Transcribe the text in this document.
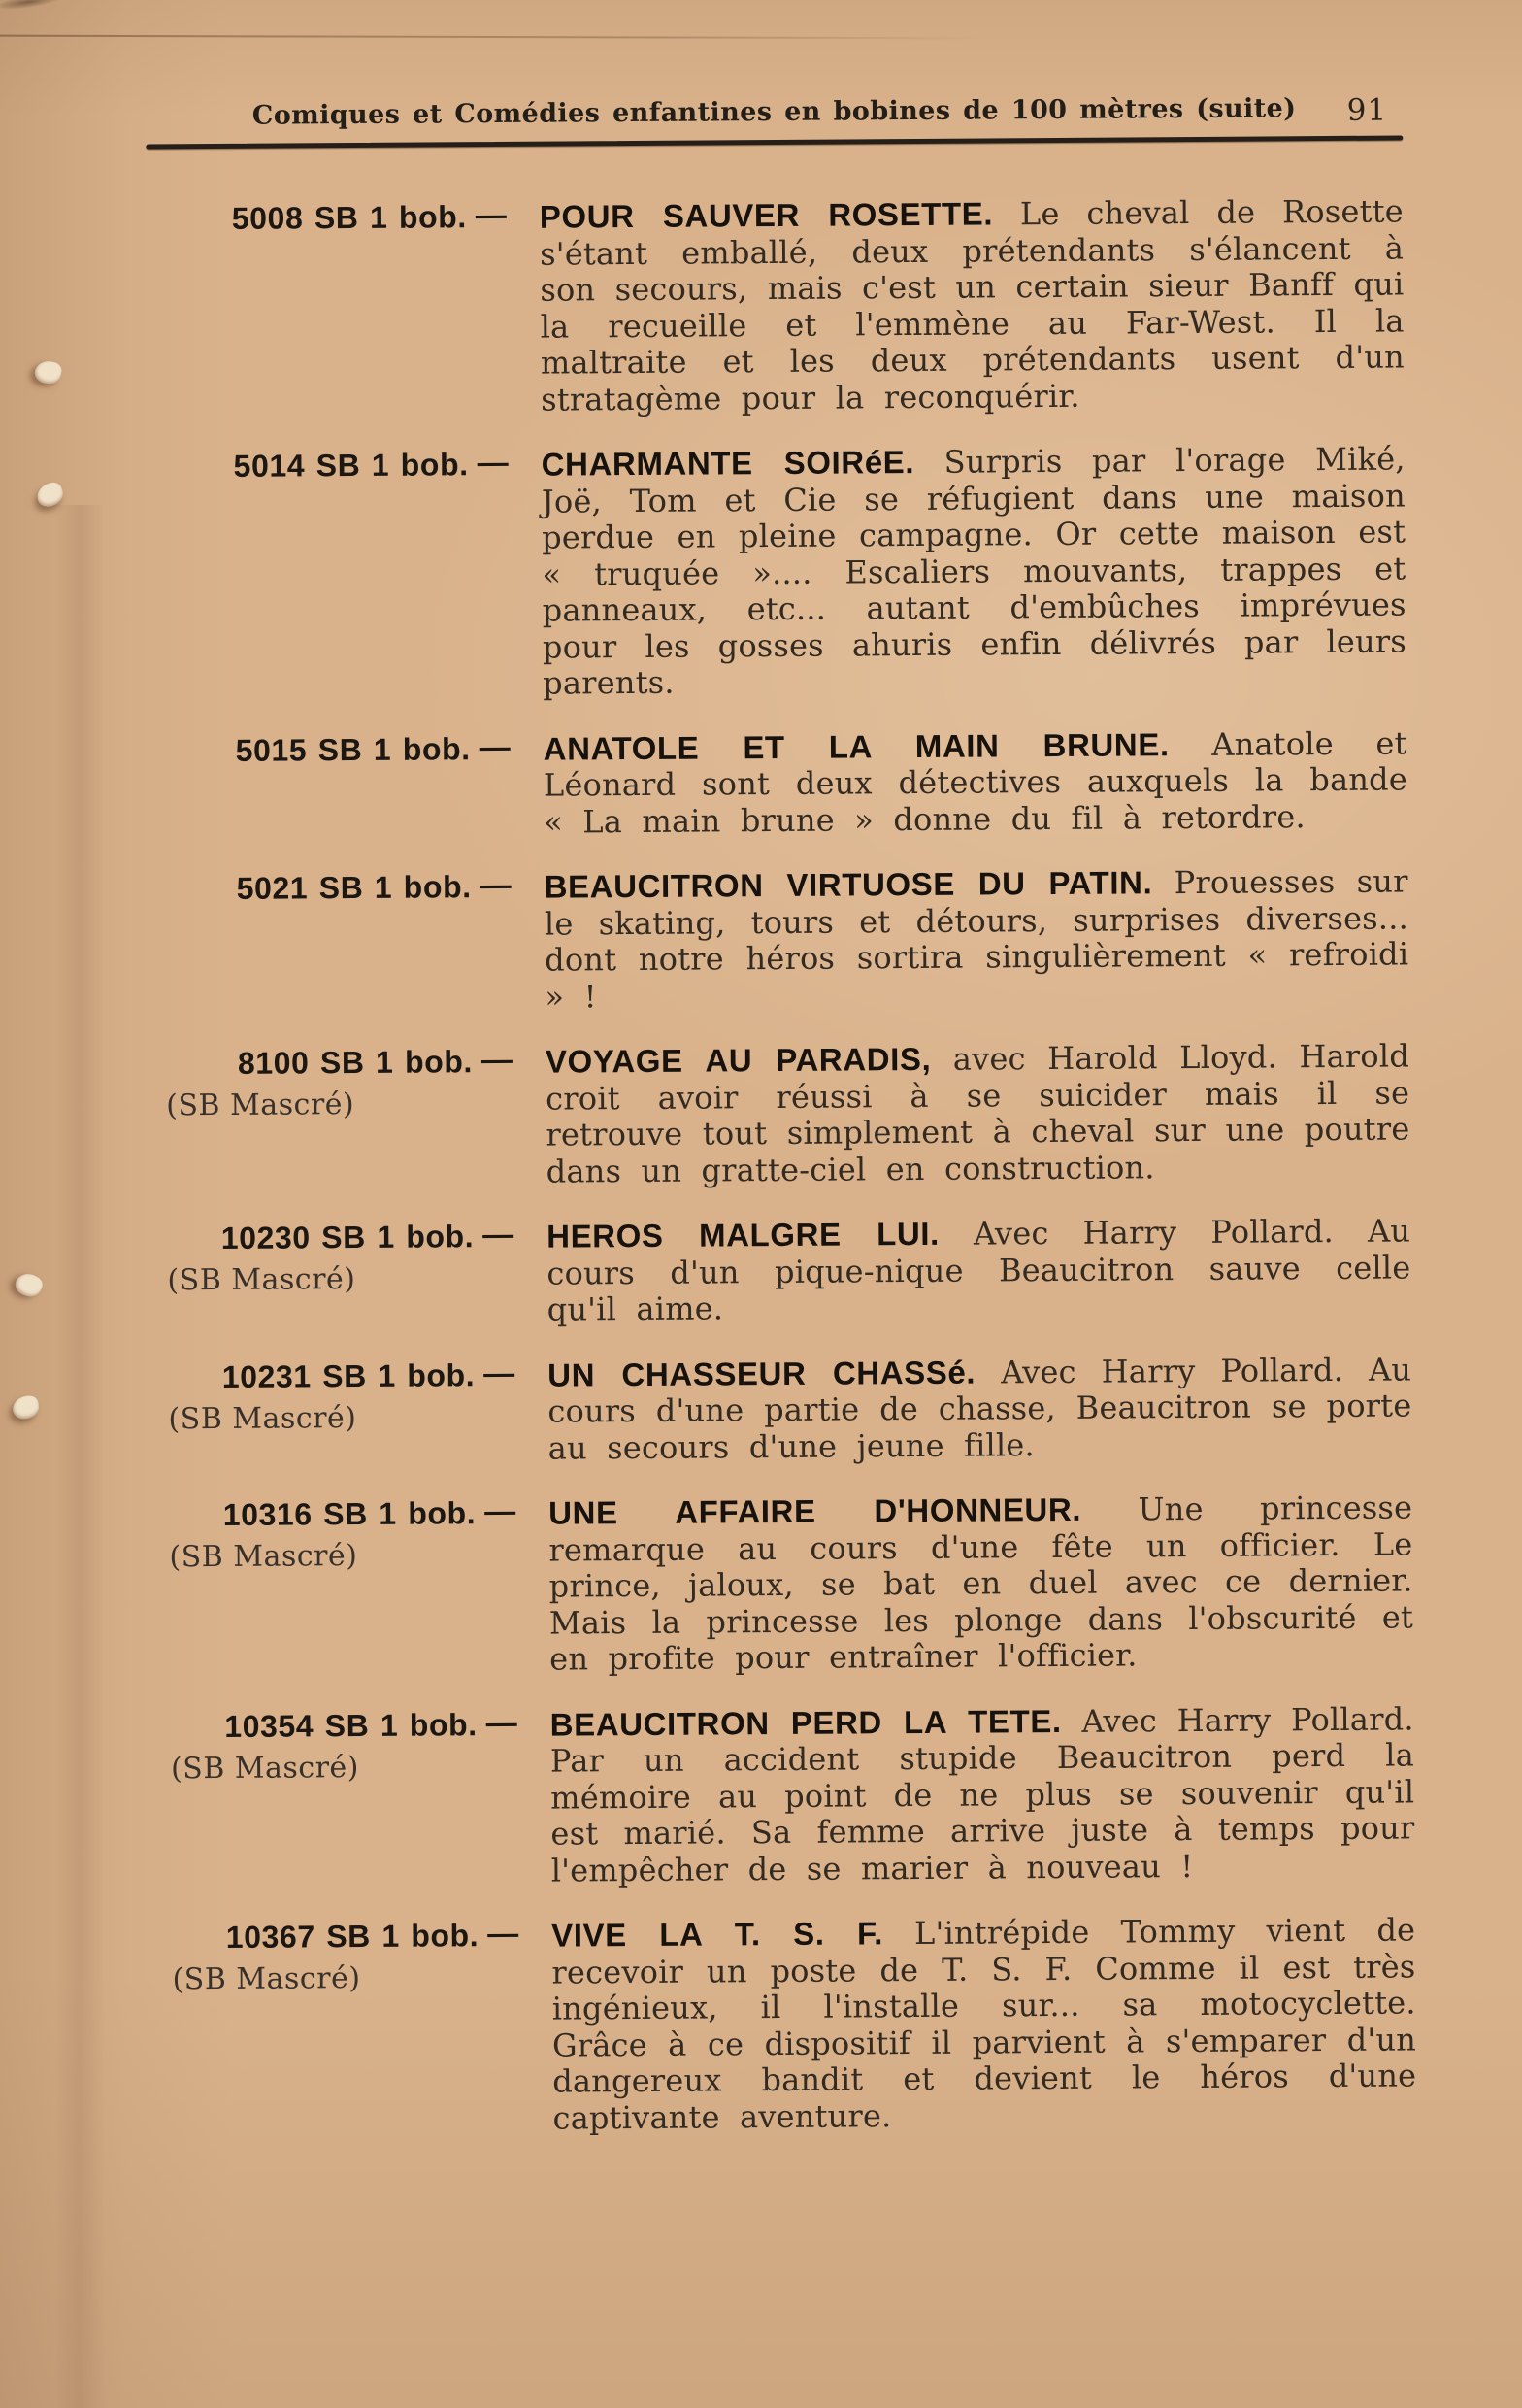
Comiques et Comédies enfantines en bobines de 100 mètres (suite) 91
5008 SB 1 bob. — POUR SAUVER ROSETTE. Le cheval de Rosette s'étant emballé, deux prétendants s'élancent à son secours, mais c'est un certain sieur Banff qui la recueille et l'emmène au Far-West. Il la maltraite et les deux prétendants usent d'un stratagème pour la reconquérir.
5014 SB 1 bob. — CHARMANTE SOIRéE. Surpris par l'orage Miké, Joë, Tom et Cie se réfugient dans une maison perdue en pleine campagne. Or cette maison est « truquée ».... Escaliers mouvants, trappes et panneaux, etc... autant d'embûches imprévues pour les gosses ahuris enfin délivrés par leurs parents.
5015 SB 1 bob. — ANATOLE ET LA MAIN BRUNE. Anatole et Léonard sont deux détectives auxquels la bande « La main brune » donne du fil à retordre.
5021 SB 1 bob. — BEAUCITRON VIRTUOSE DU PATIN. Prouesses sur le skating, tours et détours, surprises diverses... dont notre héros sortira singulièrement « refroidi » !
8100 SB 1 bob.
(SB Mascré)
— VOYAGE AU PARADIS, avec Harold Lloyd. Harold croit avoir réussi à se suicider mais il se retrouve tout simplement à cheval sur une poutre dans un gratte-ciel en construction.
10230 SB 1 bob.
(SB Mascré)
— HEROS MALGRE LUI. Avec Harry Pollard. Au cours d'un pique-nique Beaucitron sauve celle qu'il aime.
10231 SB 1 bob.
(SB Mascré)
— UN CHASSEUR CHASSé. Avec Harry Pollard. Au cours d'une partie de chasse, Beaucitron se porte au secours d'une jeune fille.
10316 SB 1 bob.
(SB Mascré)
— UNE AFFAIRE D'HONNEUR. Une princesse remarque au cours d'une fête un officier. Le prince, jaloux, se bat en duel avec ce dernier. Mais la princesse les plonge dans l'obscurité et en profite pour entraîner l'officier.
10354 SB 1 bob.
(SB Mascré)
— BEAUCITRON PERD LA TETE. Avec Harry Pollard. Par un accident stupide Beaucitron perd la mémoire au point de ne plus se souvenir qu'il est marié. Sa femme arrive juste à temps pour l'empêcher de se marier à nouveau !
10367 SB 1 bob.
(SB Mascré)
— VIVE LA T. S. F. L'intrépide Tommy vient de recevoir un poste de T. S. F. Comme il est très ingénieux, il l'installe sur... sa motocyclette. Grâce à ce dispositif il parvient à s'emparer d'un dangereux bandit et devient le héros d'une captivante aventure.
